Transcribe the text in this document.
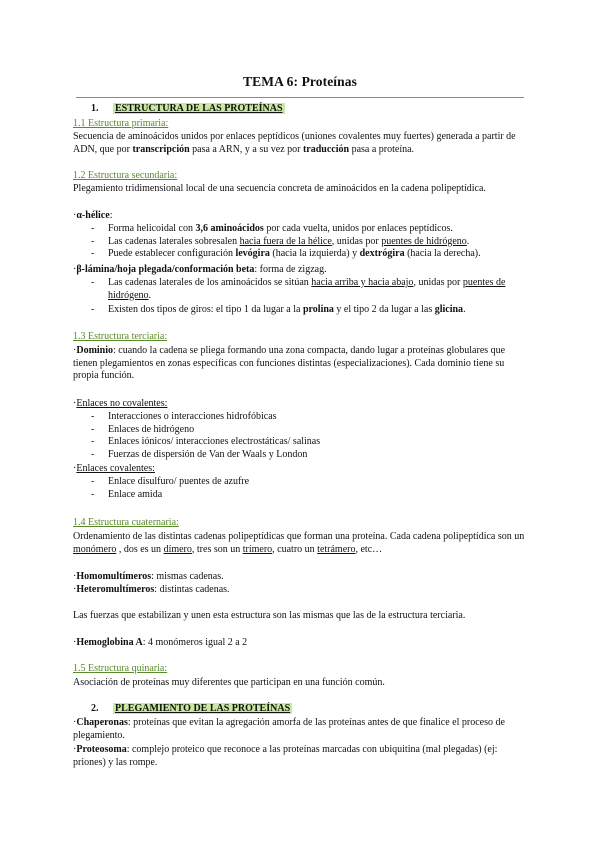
TEMA 6: Proteínas
1. ESTRUCTURA DE LAS PROTEÍNAS
1.1 Estructura primaria:

Secuencia de aminoácidos unidos por enlaces peptídicos (uniones covalentes muy fuertes) generada a partir de ADN, que por transcripción pasa a ARN, y a su vez por traducción pasa a proteína.

1.2 Estructura secundaria:

Plegamiento tridimensional local de una secuencia concreta de aminoácidos en la cadena polipeptídica.

·α-hélice:

- Forma helicoidal con 3,6 aminoácidos por cada vuelta, unidos por enlaces peptídicos.
- Las cadenas laterales sobresalen hacia fuera de la hélice, unidas por puentes de hidrógeno.
- Puede establecer configuración levógira (hacia la izquierda) y dextrógira (hacia la derecha).

·β-lámina/hoja plegada/conformación beta: forma de zigzag.

- Las cadenas laterales de los aminoácidos se sitúan hacia arriba y hacia abajo, unidas por puentes de hidrógeno.
- Existen dos tipos de giros: el tipo 1 da lugar a la prolina y el tipo 2 da lugar a las glicina.
1.3 Estructura terciaria:

·Dominio: cuando la cadena se pliega formando una zona compacta, dando lugar a proteínas globulares que tienen plegamientos en zonas específicas con funciones distintas (especializaciones). Cada dominio tiene su propia función.

·Enlaces no covalentes:

- Interacciones o interacciones hidrofóbicas
- Enlaces de hidrógeno
- Enlaces iónicos/ interacciones electrostáticas/ salinas
- Fuerzas de dispersión de Van der Waals y London

·Enlaces covalentes:

- Enlace disulfuro/ puentes de azufre
- Enlace amida
1.4 Estructura cuaternaria:

Ordenamiento de las distintas cadenas polipeptídicas que forman una proteína. Cada cadena polipeptídica son un monómero , dos es un dímero, tres son un trímero, cuatro un tetrámero, etc…

·Homomultímeros: mismas cadenas.

·Heteromultímeros: distintas cadenas.

Las fuerzas que estabilizan y unen esta estructura son las mismas que las de la estructura terciaria.

·Hemoglobina A: 4 monómeros igual 2 a 2

1.5 Estructura quinaria:

Asociación de proteínas muy diferentes que participan en una función común.

2. PLEGAMIENTO DE LAS PROTEÍNAS

·Chaperonas: proteínas que evitan la agregación amorfa de las proteínas antes de que finalice el proceso de plegamiento.

·Proteosoma: complejo proteico que reconoce a las proteínas marcadas con ubiquitina (mal plegadas) (ej: priones) y las rompe.
